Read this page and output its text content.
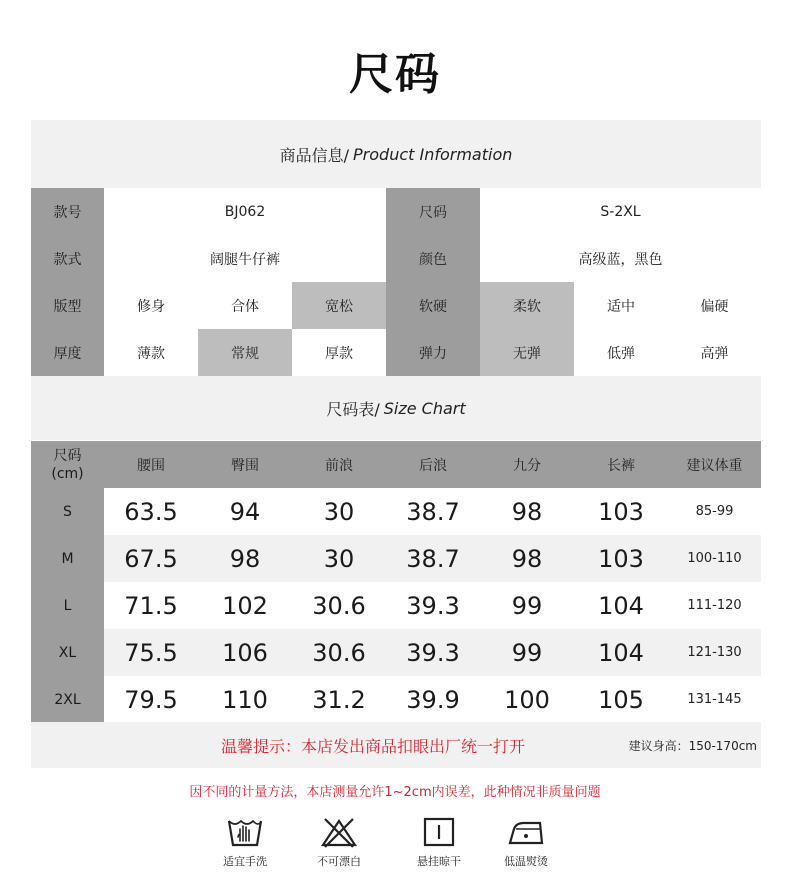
尺码
商品信息/ Product Information
款号	BJ062	尺码	S-2XL
款式	阔腿牛仔裤	颜色	高级蓝，黑色
版型	修身	合体	宽松	软硬	柔软	适中	偏硬
厚度	薄款	常规	厚款	弹力	无弹	低弹	高弹
尺码表/ Size Chart
尺码
(cm)	腰围	臀围	前浪	后浪	九分	长裤	建议体重
S	63.5	94	30	38.7	98	103	85-99
M	67.5	98	30	38.7	98	103	100-110
L	71.5	102	30.6	39.3	99	104	111-120
XL	75.5	106	30.6	39.3	99	104	121-130
2XL	79.5	110	31.2	39.9	100	105	131-145
温馨提示：本店发出商品扣眼出厂统一打开	建议身高：150-170cm
因不同的计量方法，本店测量允许1~2cm内误差，此种情况非质量问题
适宜手洗	不可漂白	悬挂晾干	低温熨烫
